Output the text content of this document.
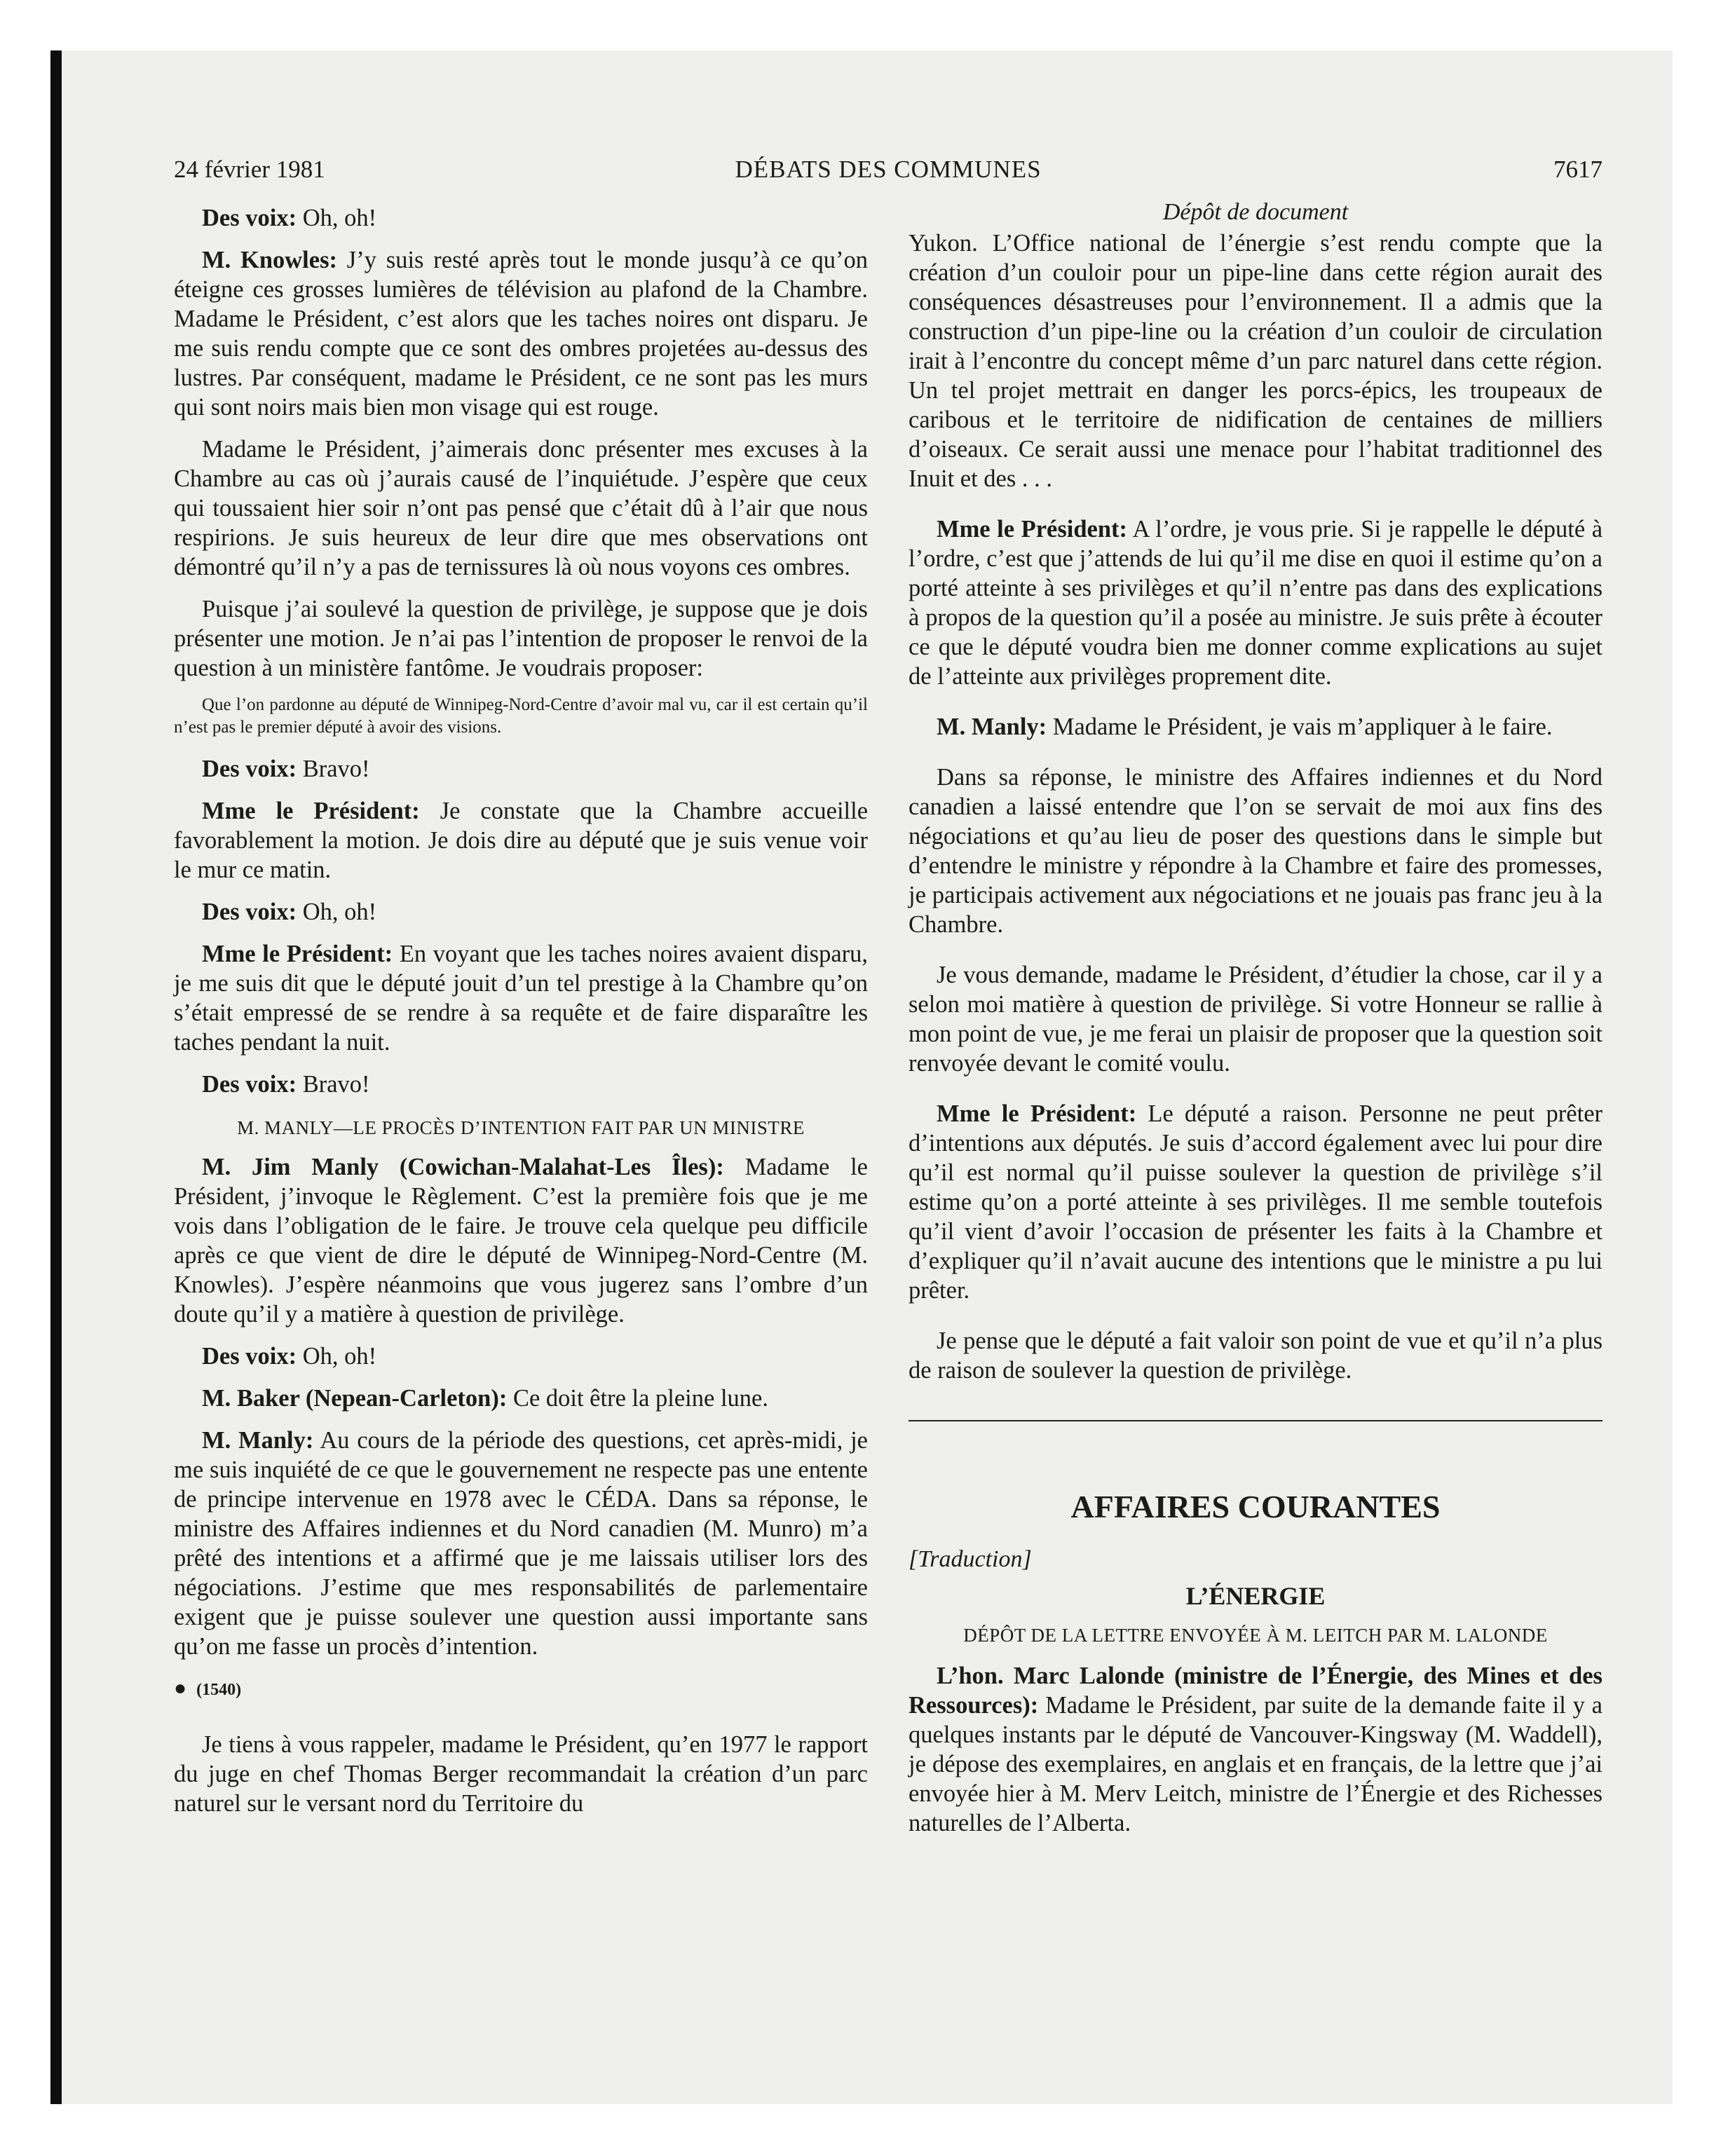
24 février 1981	DÉBATS DES COMMUNES	7617

Des voix: Oh, oh!

M. Knowles: J’y suis resté après tout le monde jusqu’à ce qu’on éteigne ces grosses lumières de télévision au plafond de la Chambre. Madame le Président, c’est alors que les taches noires ont disparu. Je me suis rendu compte que ce sont des ombres projetées au-dessus des lustres. Par conséquent, madame le Président, ce ne sont pas les murs qui sont noirs mais bien mon visage qui est rouge.

Madame le Président, j’aimerais donc présenter mes excuses à la Chambre au cas où j’aurais causé de l’inquiétude. J’espère que ceux qui toussaient hier soir n’ont pas pensé que c’était dû à l’air que nous respirions. Je suis heureux de leur dire que mes observations ont démontré qu’il n’y a pas de ternissures là où nous voyons ces ombres.

Puisque j’ai soulevé la question de privilège, je suppose que je dois présenter une motion. Je n’ai pas l’intention de proposer le renvoi de la question à un ministère fantôme. Je voudrais proposer:

Que l’on pardonne au député de Winnipeg-Nord-Centre d’avoir mal vu, car il est certain qu’il n’est pas le premier député à avoir des visions.

Des voix: Bravo!

Mme le Président: Je constate que la Chambre accueille favorablement la motion. Je dois dire au député que je suis venue voir le mur ce matin.

Des voix: Oh, oh!

Mme le Président: En voyant que les taches noires avaient disparu, je me suis dit que le député jouit d’un tel prestige à la Chambre qu’on s’était empressé de se rendre à sa requête et de faire disparaître les taches pendant la nuit.

Des voix: Bravo!

M. MANLY—LE PROCÈS D’INTENTION FAIT PAR UN MINISTRE

M. Jim Manly (Cowichan-Malahat-Les Îles): Madame le Président, j’invoque le Règlement. C’est la première fois que je me vois dans l’obligation de le faire. Je trouve cela quelque peu difficile après ce que vient de dire le député de Winnipeg-Nord-Centre (M. Knowles). J’espère néanmoins que vous jugerez sans l’ombre d’un doute qu’il y a matière à question de privilège.

Des voix: Oh, oh!

M. Baker (Nepean-Carleton): Ce doit être la pleine lune.

M. Manly: Au cours de la période des questions, cet après-midi, je me suis inquiété de ce que le gouvernement ne respecte pas une entente de principe intervenue en 1978 avec le CÉDA. Dans sa réponse, le ministre des Affaires indiennes et du Nord canadien (M. Munro) m’a prêté des intentions et a affirmé que je me laissais utiliser lors des négociations. J’estime que mes responsabilités de parlementaire exigent que je puisse soulever une question aussi importante sans qu’on me fasse un procès d’intention.

● (1540)

Je tiens à vous rappeler, madame le Président, qu’en 1977 le rapport du juge en chef Thomas Berger recommandait la création d’un parc naturel sur le versant nord du Territoire du

Dépôt de document

Yukon. L’Office national de l’énergie s’est rendu compte que la création d’un couloir pour un pipe-line dans cette région aurait des conséquences désastreuses pour l’environnement. Il a admis que la construction d’un pipe-line ou la création d’un couloir de circulation irait à l’encontre du concept même d’un parc naturel dans cette région. Un tel projet mettrait en danger les porcs-épics, les troupeaux de caribous et le territoire de nidification de centaines de milliers d’oiseaux. Ce serait aussi une menace pour l’habitat traditionnel des Inuit et des . . .

Mme le Président: A l’ordre, je vous prie. Si je rappelle le député à l’ordre, c’est que j’attends de lui qu’il me dise en quoi il estime qu’on a porté atteinte à ses privilèges et qu’il n’entre pas dans des explications à propos de la question qu’il a posée au ministre. Je suis prête à écouter ce que le député voudra bien me donner comme explications au sujet de l’atteinte aux privilèges proprement dite.

M. Manly: Madame le Président, je vais m’appliquer à le faire.

Dans sa réponse, le ministre des Affaires indiennes et du Nord canadien a laissé entendre que l’on se servait de moi aux fins des négociations et qu’au lieu de poser des questions dans le simple but d’entendre le ministre y répondre à la Chambre et faire des promesses, je participais activement aux négociations et ne jouais pas franc jeu à la Chambre.

Je vous demande, madame le Président, d’étudier la chose, car il y a selon moi matière à question de privilège. Si votre Honneur se rallie à mon point de vue, je me ferai un plaisir de proposer que la question soit renvoyée devant le comité voulu.

Mme le Président: Le député a raison. Personne ne peut prêter d’intentions aux députés. Je suis d’accord également avec lui pour dire qu’il est normal qu’il puisse soulever la question de privilège s’il estime qu’on a porté atteinte à ses privilèges. Il me semble toutefois qu’il vient d’avoir l’occasion de présenter les faits à la Chambre et d’expliquer qu’il n’avait aucune des intentions que le ministre a pu lui prêter.

Je pense que le député a fait valoir son point de vue et qu’il n’a plus de raison de soulever la question de privilège.

AFFAIRES COURANTES
[Traduction]
L’ÉNERGIE
DÉPÔT DE LA LETTRE ENVOYÉE À M. LEITCH PAR M. LALONDE

L’hon. Marc Lalonde (ministre de l’Énergie, des Mines et des Ressources): Madame le Président, par suite de la demande faite il y a quelques instants par le député de Vancouver-Kingsway (M. Waddell), je dépose des exemplaires, en anglais et en français, de la lettre que j’ai envoyée hier à M. Merv Leitch, ministre de l’Énergie et des Richesses naturelles de l’Alberta.
